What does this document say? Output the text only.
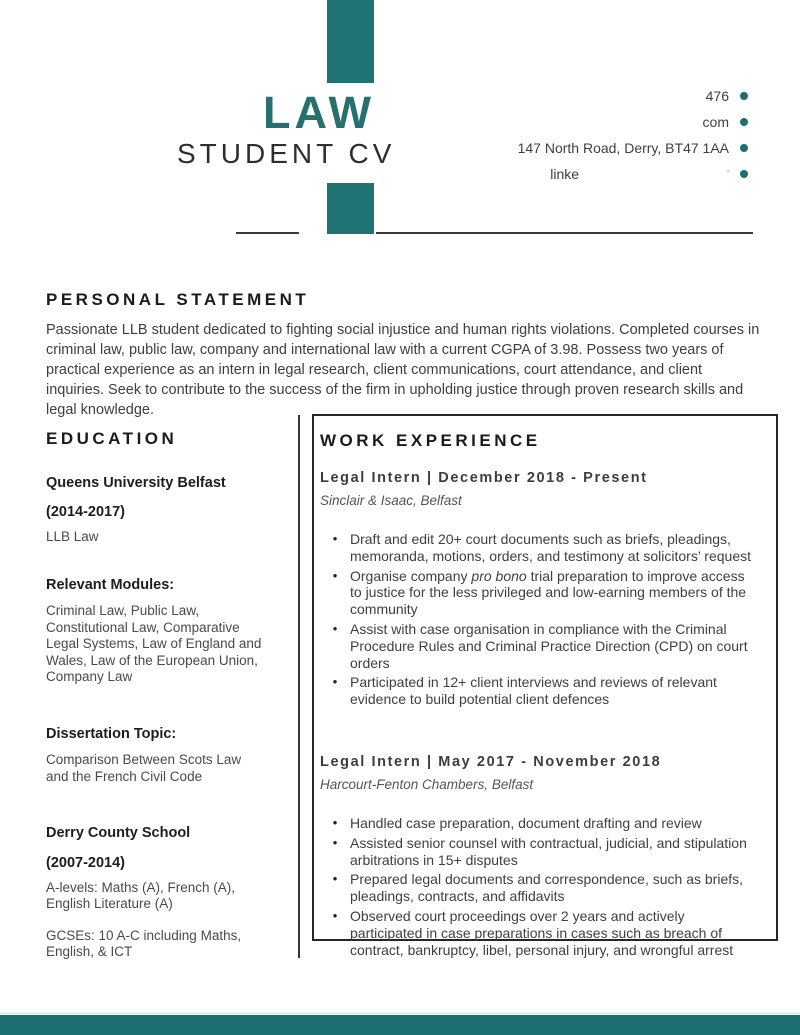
LAW
STUDENT CV
476
com
147 North Road, Derry, BT47 1AA
linke	'
PERSONAL STATEMENT

Passionate LLB student dedicated to fighting social injustice and human rights violations. Completed courses in criminal law, public law, company and international law with a current CGPA of 3.98. Possess two years of practical experience as an intern in legal research, client communications, court attendance, and client inquiries. Seek to contribute to the success of the firm in upholding justice through proven research skills and legal knowledge.

EDUCATION
Queens University Belfast
(2014-2017)
LLB Law
Relevant Modules:
Criminal Law, Public Law, Constitutional Law, Comparative Legal Systems, Law of England and Wales, Law of the European Union, Company Law
Dissertation Topic:
Comparison Between Scots Law and the French Civil Code
Derry County School
(2007-2014)
A-levels: Maths (A), French (A), English Literature (A)
GCSEs: 10 A-C including Maths, English, & ICT
WORK EXPERIENCE
Legal Intern | December 2018 - Present
Sinclair & Isaac, Belfast
• Draft and edit 20+ court documents such as briefs, pleadings, memoranda, motions, orders, and testimony at solicitors’ request
• Organise company pro bono trial preparation to improve access to justice for the less privileged and low-earning members of the community
• Assist with case organisation in compliance with the Criminal Procedure Rules and Criminal Practice Direction (CPD) on court orders
• Participated in 12+ client interviews and reviews of relevant evidence to build potential client defences
Legal Intern | May 2017 - November 2018
Harcourt-Fenton Chambers, Belfast
• Handled case preparation, document drafting and review
• Assisted senior counsel with contractual, judicial, and stipulation arbitrations in 15+ disputes
• Prepared legal documents and correspondence, such as briefs, pleadings, contracts, and affidavits
• Observed court proceedings over 2 years and actively participated in case preparations in cases such as breach of contract, bankruptcy, libel, personal injury, and wrongful arrest
